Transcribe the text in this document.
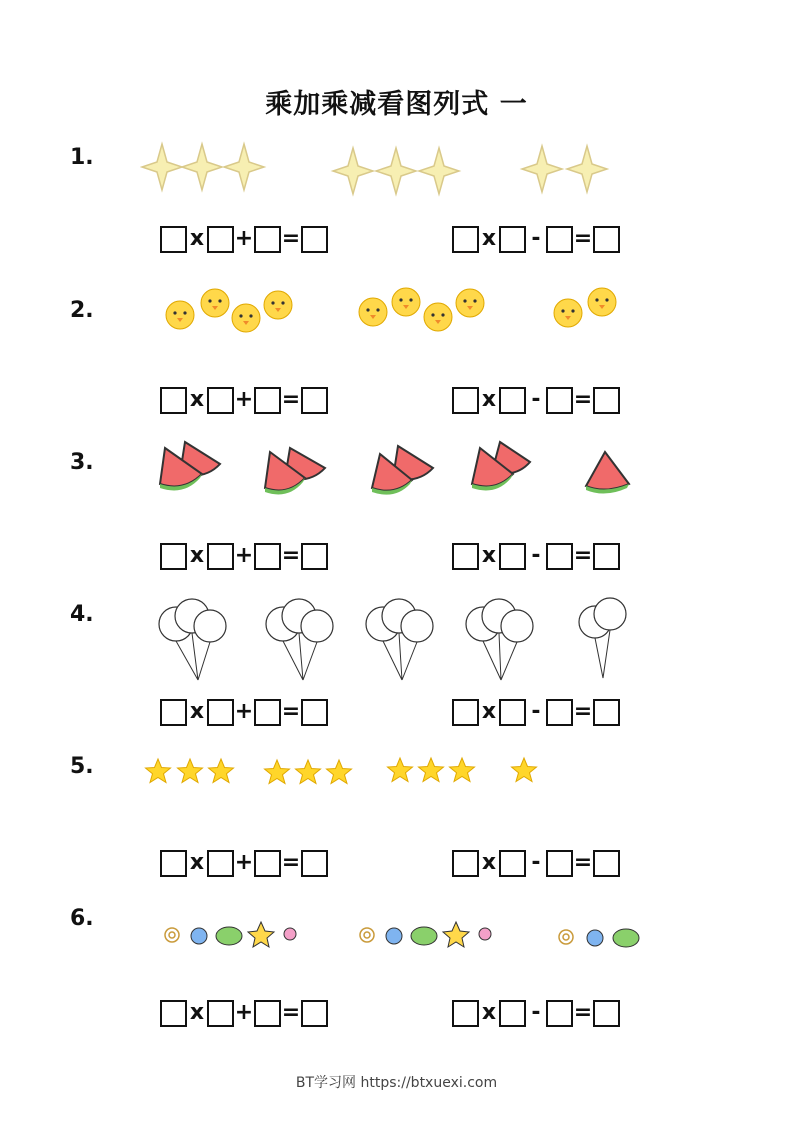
乘加乘减看图列式 一
1.
x + =	x - =
2.
x + =	x - =
3.
x + =	x - =
4.
x + =	x - =
5.
x + =	x - =
6.
x + =	x - =
BT学习网 https://btxuexi.com
